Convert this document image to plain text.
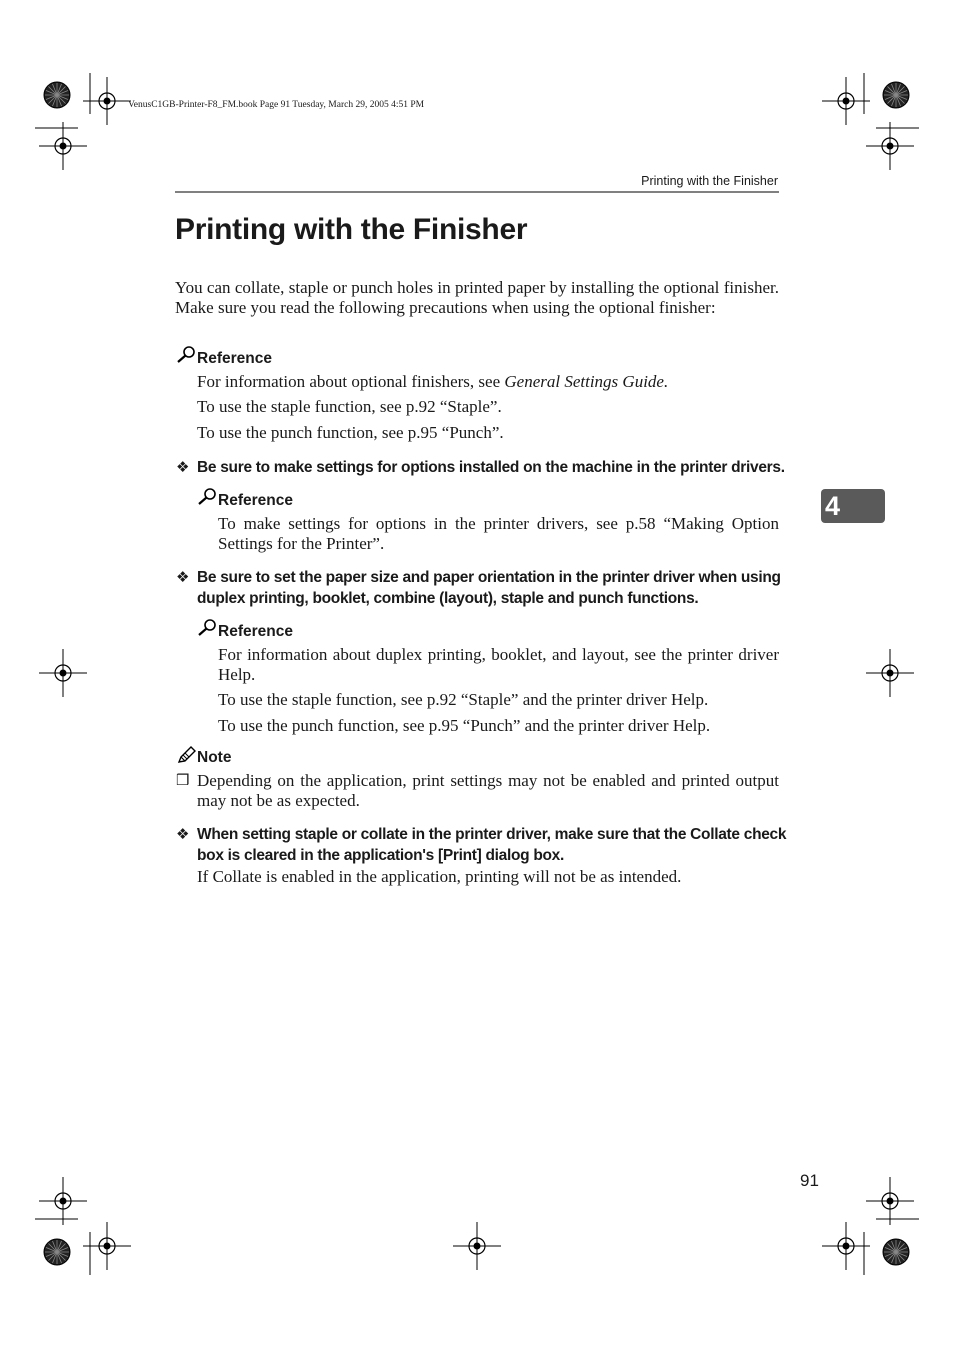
VenusC1GB-Printer-F8_FM.book Page 91 Tuesday, March 29, 2005 4:51 PM
Printing with the Finisher
4
Printing with the Finisher

You can collate, staple or punch holes in printed paper by installing the optional finisher. Make sure you read the following precautions when using the optional finisher:

Reference
For information about optional finishers, see General Settings Guide.
To use the staple function, see p.92 “Staple”.
To use the punch function, see p.95 “Punch”.
❖ Be sure to make settings for options installed on the machine in the printer drivers.
Reference

To make settings for options in the printer drivers, see p.58 “Making Option Settings for the Printer”.

❖ Be sure to set the paper size and paper orientation in the printer driver when using
duplex printing, booklet, combine (layout), staple and punch functions.
Reference

For information about duplex printing, booklet, and layout, see the printer driver Help.

To use the staple function, see p.92 “Staple” and the printer driver Help.
To use the punch function, see p.95 “Punch” and the printer driver Help.
Note
❒ Depending on the application, print settings may not be enabled and printed output may not be as expected.

❖ When setting staple or collate in the printer driver, make sure that the Collate check
box is cleared in the application's [Print] dialog box.
If Collate is enabled in the application, printing will not be as intended.
91
